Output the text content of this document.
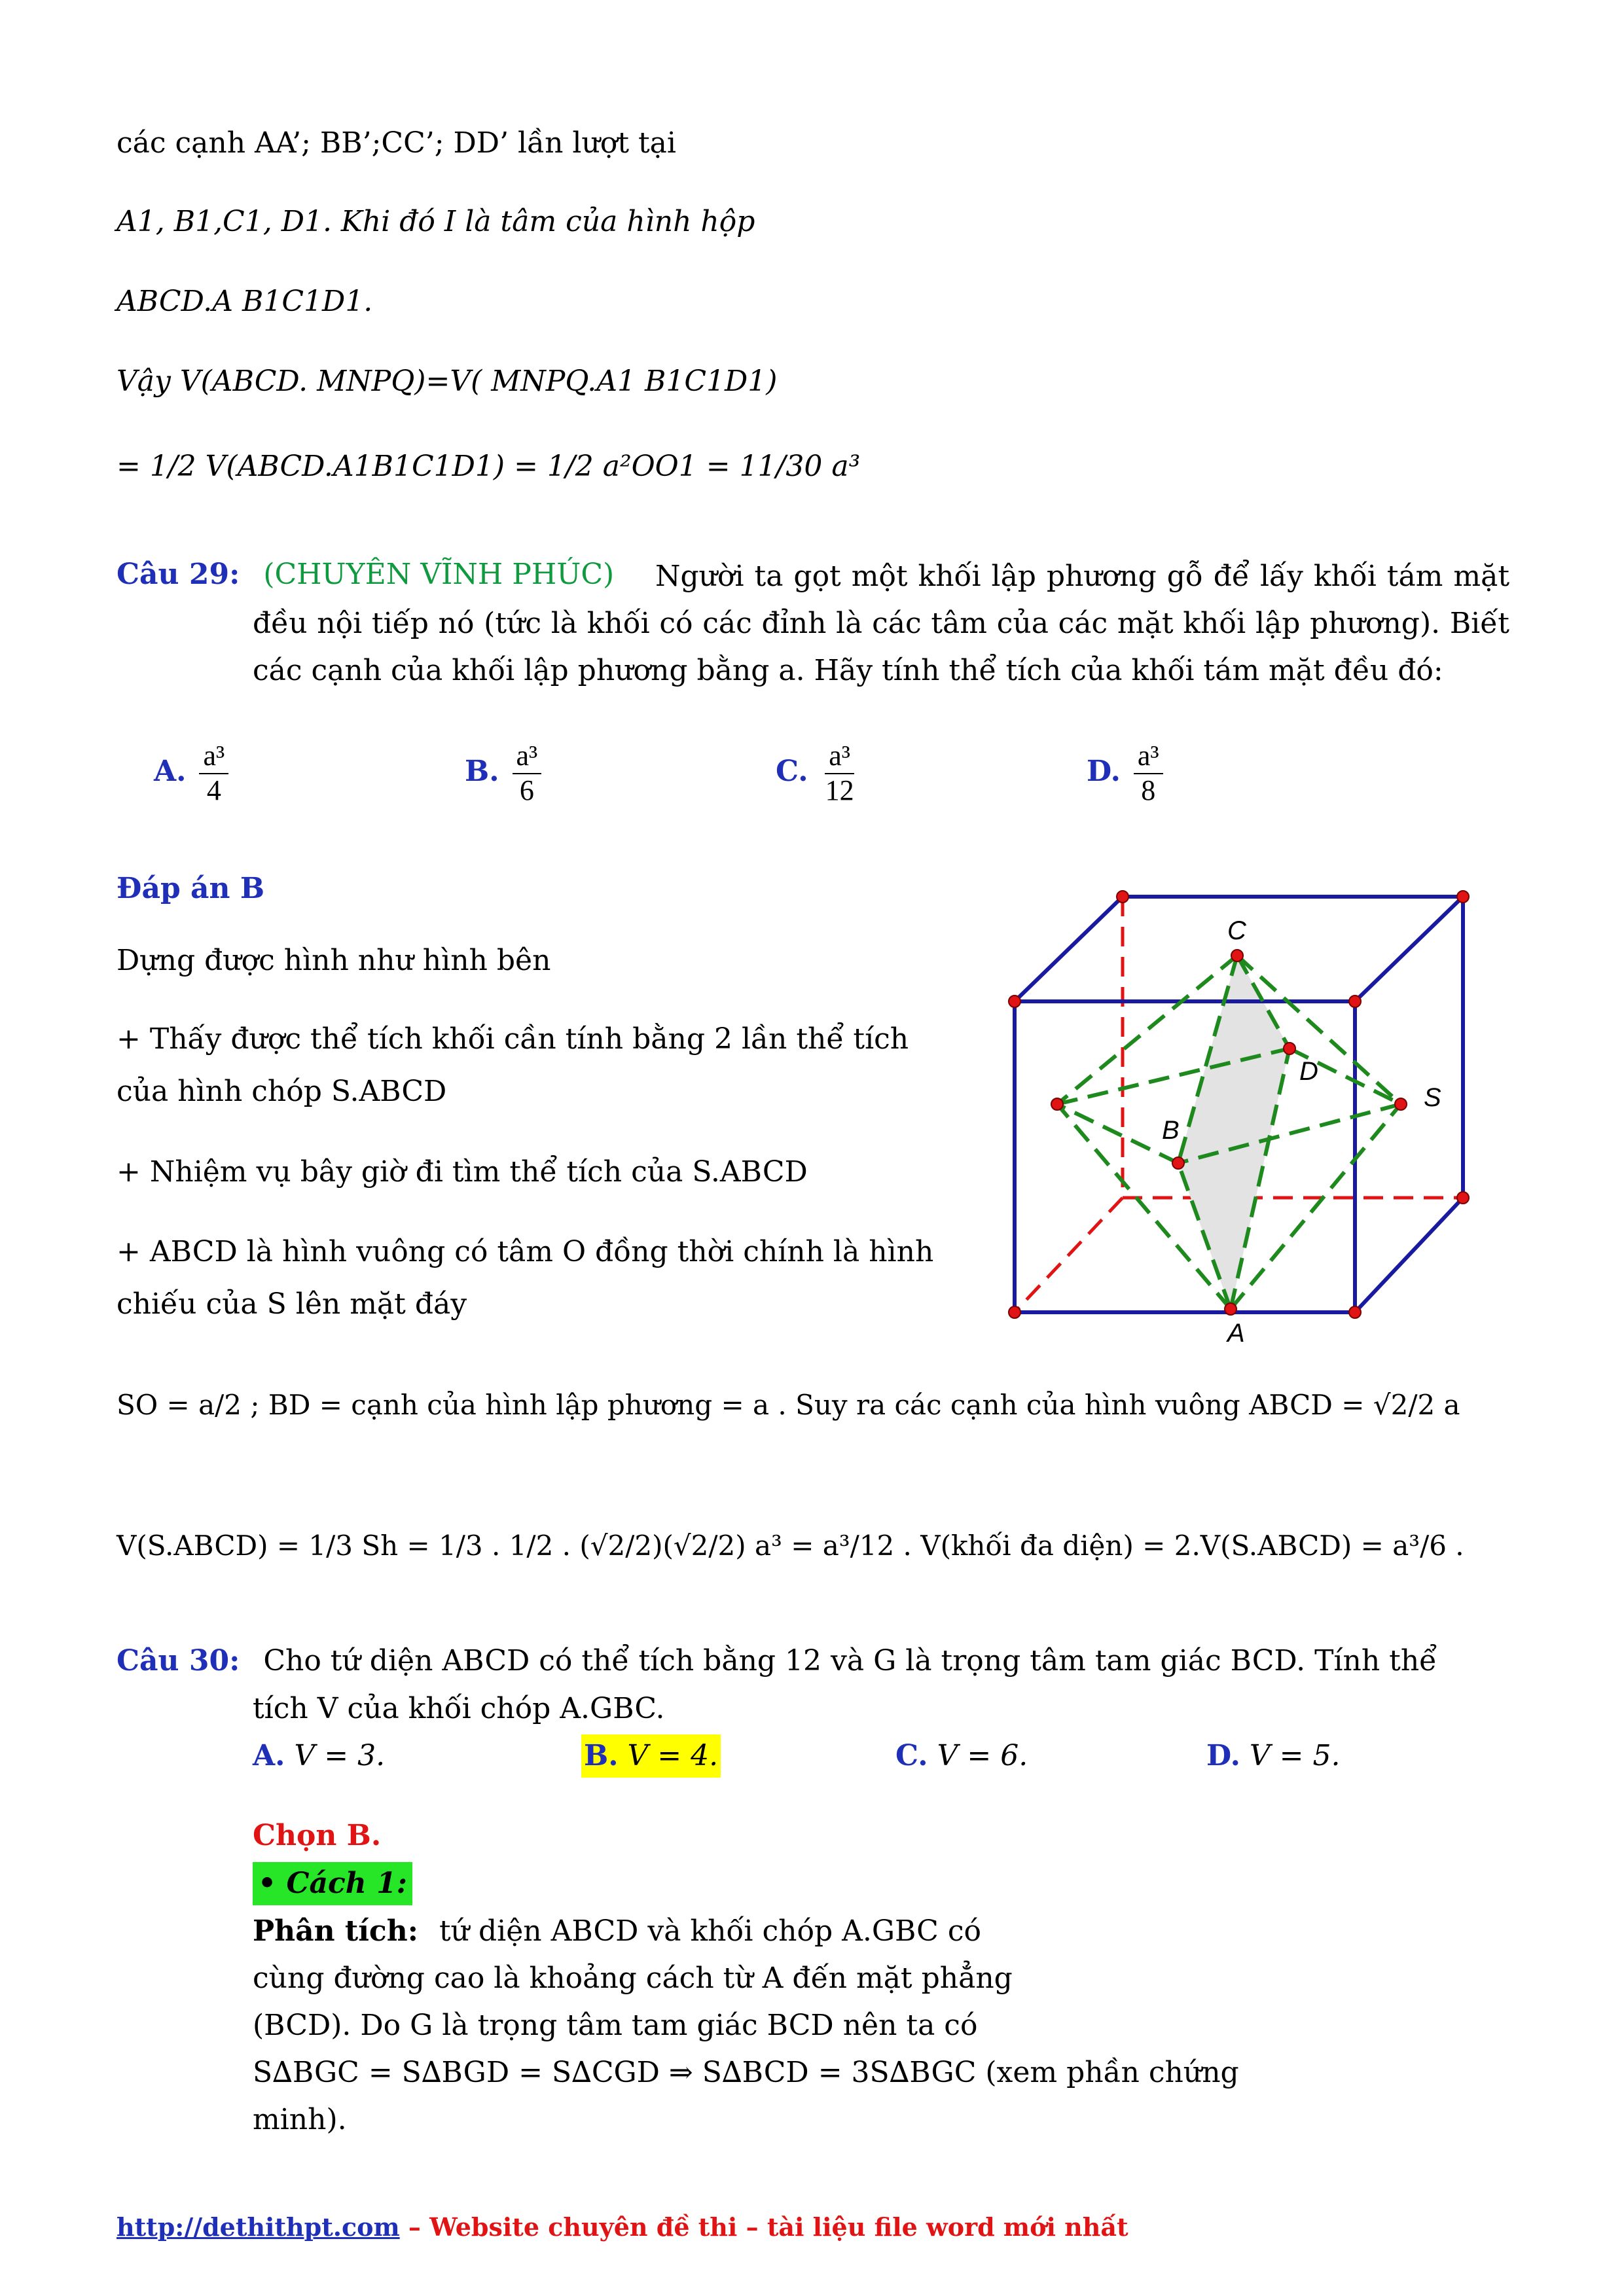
các cạnh AA’; BB’;CC’; DD’ lần lượt tại
A1, B1,C1, D1. Khi đó I là tâm của hình hộp
ABCD.A B1C1D1.
Vậy V(ABCD. MNPQ)=V( MNPQ.A1 B1C1D1)
= 1/2 V(ABCD.A1B1C1D1) = 1/2 a²OO1 = 11/30 a³
Câu 29: (CHUYÊN VĨNH PHÚC)	Người ta gọt một khối lập phương gỗ để lấy khối tám mặt đều nội tiếp nó (tức là khối có các đỉnh là các tâm của các mặt khối lập phương). Biết các cạnh của khối lập phương bằng a. Hãy tính thể tích của khối tám mặt đều đó:
A. $\frac{\text{a³}}{4}$	B. $\frac{\text{a³}}{6}$	C. $\frac{\text{a³}}{12}$	D. $\frac{\text{a³}}{8}$
Đáp án B
Dựng được hình như hình bên
+ Thấy được thể tích khối cần tính bằng 2 lần thể tích
của hình chóp S.ABCD
+ Nhiệm vụ bây giờ đi tìm thể tích của S.ABCD
+ ABCD là hình vuông có tâm O đồng thời chính là hình
chiếu của S lên mặt đáy
C
D
S
B
A
SO = a/2 ; BD = cạnh của hình lập phương = a . Suy ra các cạnh của hình vuông ABCD = √2/2 a
V(S.ABCD) = 1/3 Sh = 1/3 . 1/2 . (√2/2)(√2/2) a³ = a³/12 . V(khối đa diện) = 2.V(S.ABCD) = a³/6 .
Câu 30: Cho tứ diện ABCD có thể tích bằng 12 và G là trọng tâm tam giác BCD. Tính thể
tích V của khối chóp A.GBC.
A. V = 3.	B. V = 4.	C. V = 6.	D. V = 5.
Chọn B.
• Cách 1:
Phân tích: tứ diện ABCD và khối chóp A.GBC có
cùng đường cao là khoảng cách từ A đến mặt phẳng
(BCD). Do G là trọng tâm tam giác BCD nên ta có
S∆BGC = S∆BGD = S∆CGD ⇒ S∆BCD = 3S∆BGC (xem phần chứng
minh).
http://dethithpt.com – Website chuyên đề thi – tài liệu file word mới nhất
